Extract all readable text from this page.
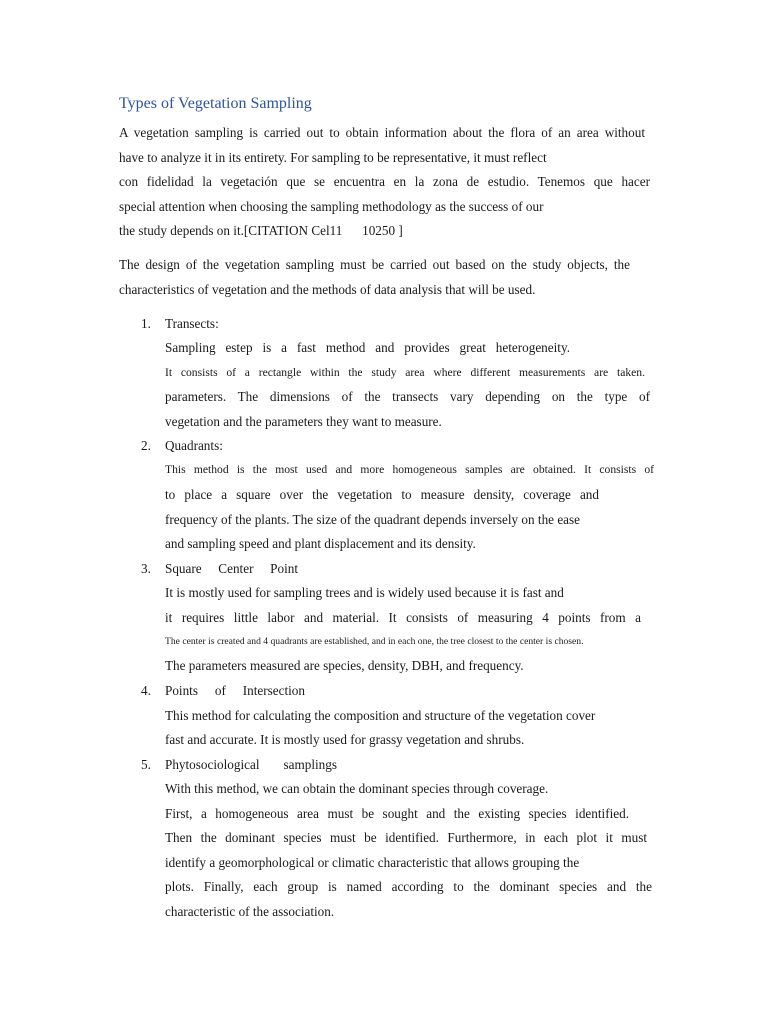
Types of Vegetation Sampling
A vegetation sampling is carried out to obtain information about the flora of an area without
have to analyze it in its entirety. For sampling to be representative, it must reflect
con fidelidad la vegetación que se encuentra en la zona de estudio. Tenemos que hacer
special attention when choosing the sampling methodology as the success of our
the study depends on it.[CITATION Cel11      10250 ]
The design of the vegetation sampling must be carried out based on the study objects, the
characteristics of vegetation and the methods of data analysis that will be used.
1. Transects:
Sampling estep is a fast method and provides great heterogeneity.
It consists of a rectangle within the study area where different measurements are taken.
parameters. The dimensions of the transects vary depending on the type of
vegetation and the parameters they want to measure.
2. Quadrants:
This method is the most used and more homogeneous samples are obtained. It consists of
to place a square over the vegetation to measure density, coverage and
frequency of the plants. The size of the quadrant depends inversely on the ease
and sampling speed and plant displacement and its density.
3. Square Center Point
It is mostly used for sampling trees and is widely used because it is fast and
it requires little labor and material. It consists of measuring 4 points from a
The center is created and 4 quadrants are established, and in each one, the tree closest to the center is chosen.
The parameters measured are species, density, DBH, and frequency.
4. Points of Intersection
This method for calculating the composition and structure of the vegetation cover
fast and accurate. It is mostly used for grassy vegetation and shrubs.
5. Phytosociological samplings
With this method, we can obtain the dominant species through coverage.
First, a homogeneous area must be sought and the existing species identified.
Then the dominant species must be identified. Furthermore, in each plot it must
identify a geomorphological or climatic characteristic that allows grouping the
plots. Finally, each group is named according to the dominant species and the
characteristic of the association.
